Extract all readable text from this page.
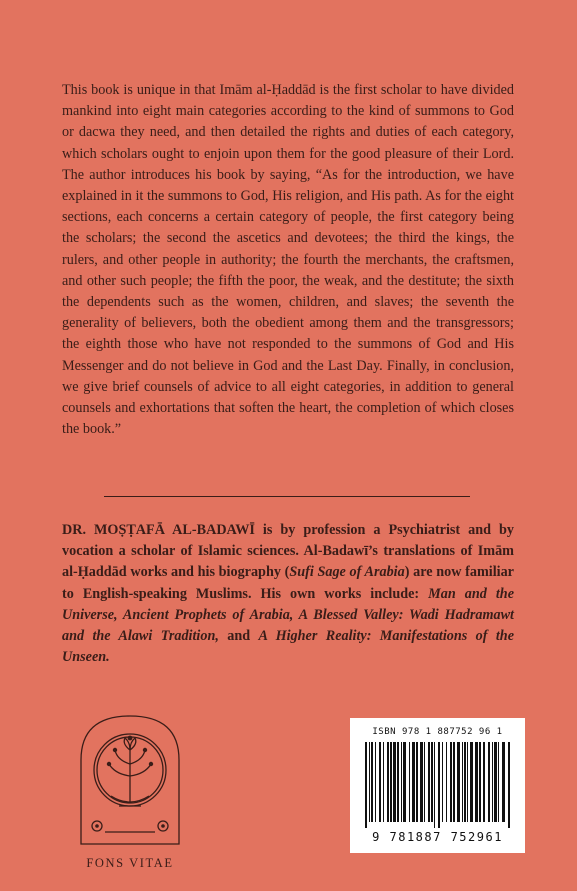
This book is unique in that Imām al-Ḥaddād is the first scholar to have divided mankind into eight main categories according to the kind of summons to God or dacwa they need, and then detailed the rights and duties of each category, which scholars ought to enjoin upon them for the good pleasure of their Lord. The author introduces his book by saying, “As for the introduction, we have explained in it the summons to God, His religion, and His path. As for the eight sections, each concerns a certain category of people, the first category being the scholars; the second the ascetics and devotees; the third the kings, the rulers, and other people in authority; the fourth the merchants, the craftsmen, and other such people; the fifth the poor, the weak, and the destitute; the sixth the dependents such as the women, children, and slaves; the seventh the generality of believers, both the obedient among them and the transgressors; the eighth those who have not responded to the summons of God and His Messenger and do not believe in God and the Last Day. Finally, in conclusion, we give brief counsels of advice to all eight categories, in addition to general counsels and exhortations that soften the heart, the completion of which closes the book.”

DR. MOṢṬAFĀ AL-BADAWĪ is by profession a Psychiatrist and by vocation a scholar of Islamic sciences. Al-Badawī’s translations of Imām al-Ḥaddād works and his biography (Sufi Sage of Arabia) are now familiar to English-speaking Muslims. His own works include: Man and the Universe, Ancient Prophets of Arabia, A Blessed Valley: Wadi Hadramawt and the Alawi Tradition, and A Higher Reality: Manifestations of the Unseen.

FONS VITAE
ISBN 978 1 887752 96 1
9 781887 752961
